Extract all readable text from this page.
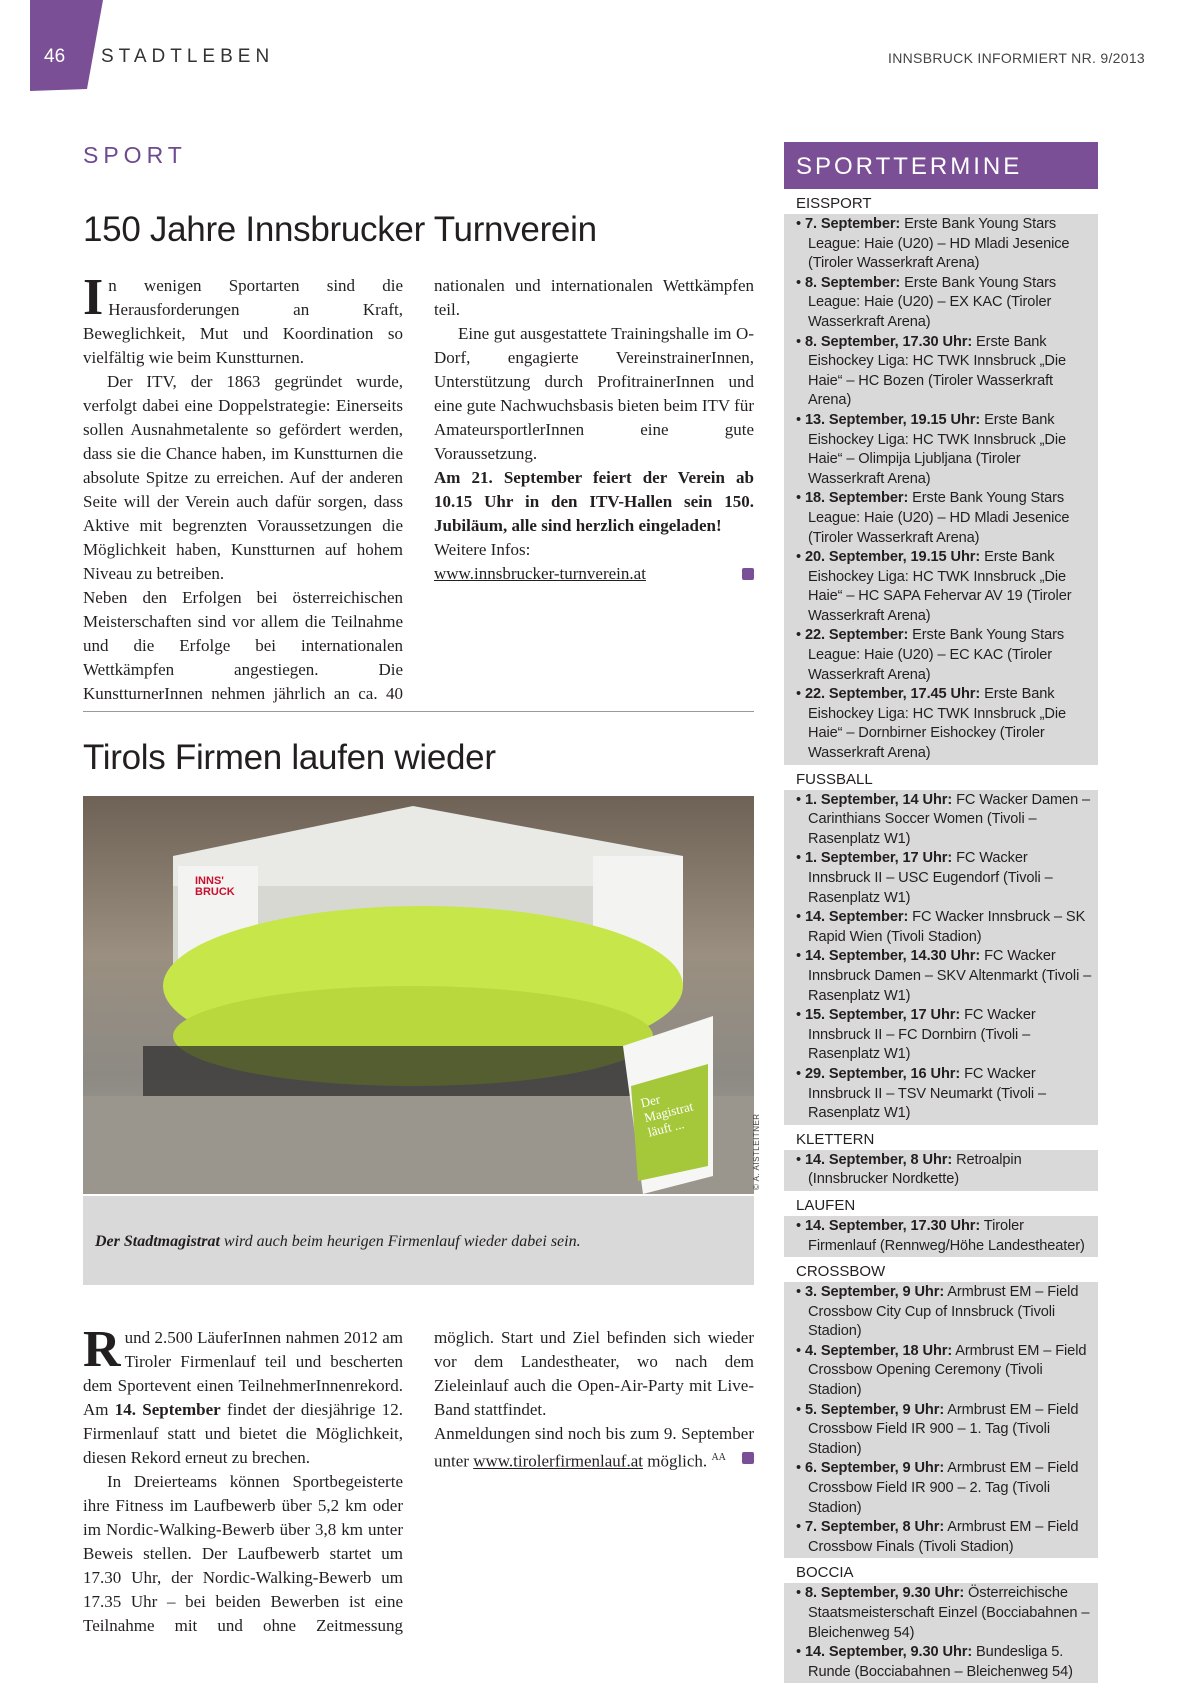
46 STADTLEBEN	INNSBRUCK INFORMIERT NR. 9/2013
SPORT
150 Jahre Innsbrucker Turnverein

In wenigen Sportarten sind die Herausforderungen an Kraft, Beweglichkeit, Mut und Koordination so vielfältig wie beim Kunstturnen.

Der ITV, der 1863 gegründet wurde, verfolgt dabei eine Doppelstrategie: Einerseits sollen Ausnahmetalente so gefördert werden, dass sie die Chance haben, im Kunstturnen die absolute Spitze zu erreichen. Auf der anderen Seite will der Verein auch dafür sorgen, dass Aktive mit begrenzten Voraussetzungen die Möglichkeit haben, Kunstturnen auf hohem Niveau zu betreiben.

Neben den Erfolgen bei österreichischen Meisterschaften sind vor allem die Teilnahme und die Erfolge bei internationalen Wettkämpfen angestiegen. Die KunstturnerInnen nehmen jährlich an ca. 40 nationalen und internationalen Wettkämpfen teil.

Eine gut ausgestattete Trainingshalle im O-Dorf, engagierte VereinstrainerInnen, Unterstützung durch ProfitrainerInnen und eine gute Nachwuchsbasis bieten beim ITV für AmateursportlerInnen eine gute Voraussetzung.

Am 21. September feiert der Verein ab 10.15 Uhr in den ITV-Hallen sein 150. Jubiläum, alle sind herzlich eingeladen!

Weitere Infos:

www.innsbrucker-turnverein.at

Tirols Firmen laufen wieder
INNS' BRUCK
Der Magistrat läuft ...	© A. AISTLEITNER
Der Stadtmagistrat wird auch beim heurigen Firmenlauf wieder dabei sein.

Rund 2.500 LäuferInnen nahmen 2012 am Tiroler Firmenlauf teil und bescherten dem Sportevent einen TeilnehmerInnenrekord. Am 14. September findet der diesjährige 12. Firmenlauf statt und bietet die Möglichkeit, diesen Rekord erneut zu brechen.

In Dreierteams können Sportbegeisterte ihre Fitness im Laufbewerb über 5,2 km oder im Nordic-Walking-Bewerb über 3,8 km unter Beweis stellen. Der Laufbewerb startet um 17.30 Uhr, der Nordic-Walking-Bewerb um 17.35 Uhr – bei beiden Bewerben ist eine Teilnahme mit und ohne Zeitmessung möglich. Start und Ziel befinden sich wieder vor dem Landestheater, wo nach dem Zieleinlauf auch die Open-Air-Party mit Live-Band stattfindet.

Anmeldungen sind noch bis zum 9. September unter www.tirolerfirmenlauf.at möglich. $^{AA}$

SPORTTERMINE
EISSPORT
• 7. September: Erste Bank Young Stars League: Haie (U20) – HD Mladi Jesenice (Tiroler Wasserkraft Arena)
• 8. September: Erste Bank Young Stars League: Haie (U20) – EX KAC (Tiroler Wasserkraft Arena)
• 8. September, 17.30 Uhr: Erste Bank Eishockey Liga: HC TWK Innsbruck „Die Haie“ – HC Bozen (Tiroler Wasserkraft Arena)
• 13. September, 19.15 Uhr: Erste Bank Eishockey Liga: HC TWK Innsbruck „Die Haie“ – Olimpija Ljubljana (Tiroler Wasserkraft Arena)
• 18. September: Erste Bank Young Stars League: Haie (U20) – HD Mladi Jesenice (Tiroler Wasserkraft Arena)
• 20. September, 19.15 Uhr: Erste Bank Eishockey Liga: HC TWK Innsbruck „Die Haie“ – HC SAPA Fehervar AV 19 (Tiroler Wasserkraft Arena)
• 22. September: Erste Bank Young Stars League: Haie (U20) – EC KAC (Tiroler Wasserkraft Arena)
• 22. September, 17.45 Uhr: Erste Bank Eishockey Liga: HC TWK Innsbruck „Die Haie“ – Dornbirner Eishockey (Tiroler Wasserkraft Arena)
FUSSBALL
• 1. September, 14 Uhr: FC Wacker Damen – Carinthians Soccer Women (Tivoli – Rasenplatz W1)
• 1. September, 17 Uhr: FC Wacker Innsbruck II – USC Eugendorf (Tivoli – Rasenplatz W1)
• 14. September: FC Wacker Innsbruck – SK Rapid Wien (Tivoli Stadion)
• 14. September, 14.30 Uhr: FC Wacker Innsbruck Damen – SKV Altenmarkt (Tivoli – Rasenplatz W1)
• 15. September, 17 Uhr: FC Wacker Innsbruck II – FC Dornbirn (Tivoli – Rasenplatz W1)
• 29. September, 16 Uhr: FC Wacker Innsbruck II – TSV Neumarkt (Tivoli – Rasenplatz W1)
KLETTERN
• 14. September, 8 Uhr: Retroalpin (Innsbrucker Nordkette)
LAUFEN
• 14. September, 17.30 Uhr: Tiroler Firmenlauf (Rennweg/Höhe Landestheater)
CROSSBOW
• 3. September, 9 Uhr: Armbrust EM – Field Crossbow City Cup of Innsbruck (Tivoli Stadion)
• 4. September, 18 Uhr: Armbrust EM – Field Crossbow Opening Ceremony (Tivoli Stadion)
• 5. September, 9 Uhr: Armbrust EM – Field Crossbow Field IR 900 – 1. Tag (Tivoli Stadion)
• 6. September, 9 Uhr: Armbrust EM – Field Crossbow Field IR 900 – 2. Tag (Tivoli Stadion)
• 7. September, 8 Uhr: Armbrust EM – Field Crossbow Finals (Tivoli Stadion)
BOCCIA
• 8. September, 9.30 Uhr: Österreichische Staatsmeisterschaft Einzel (Bocciabahnen – Bleichenweg 54)
• 14. September, 9.30 Uhr: Bundesliga 5. Runde (Bocciabahnen – Bleichenweg 54)
